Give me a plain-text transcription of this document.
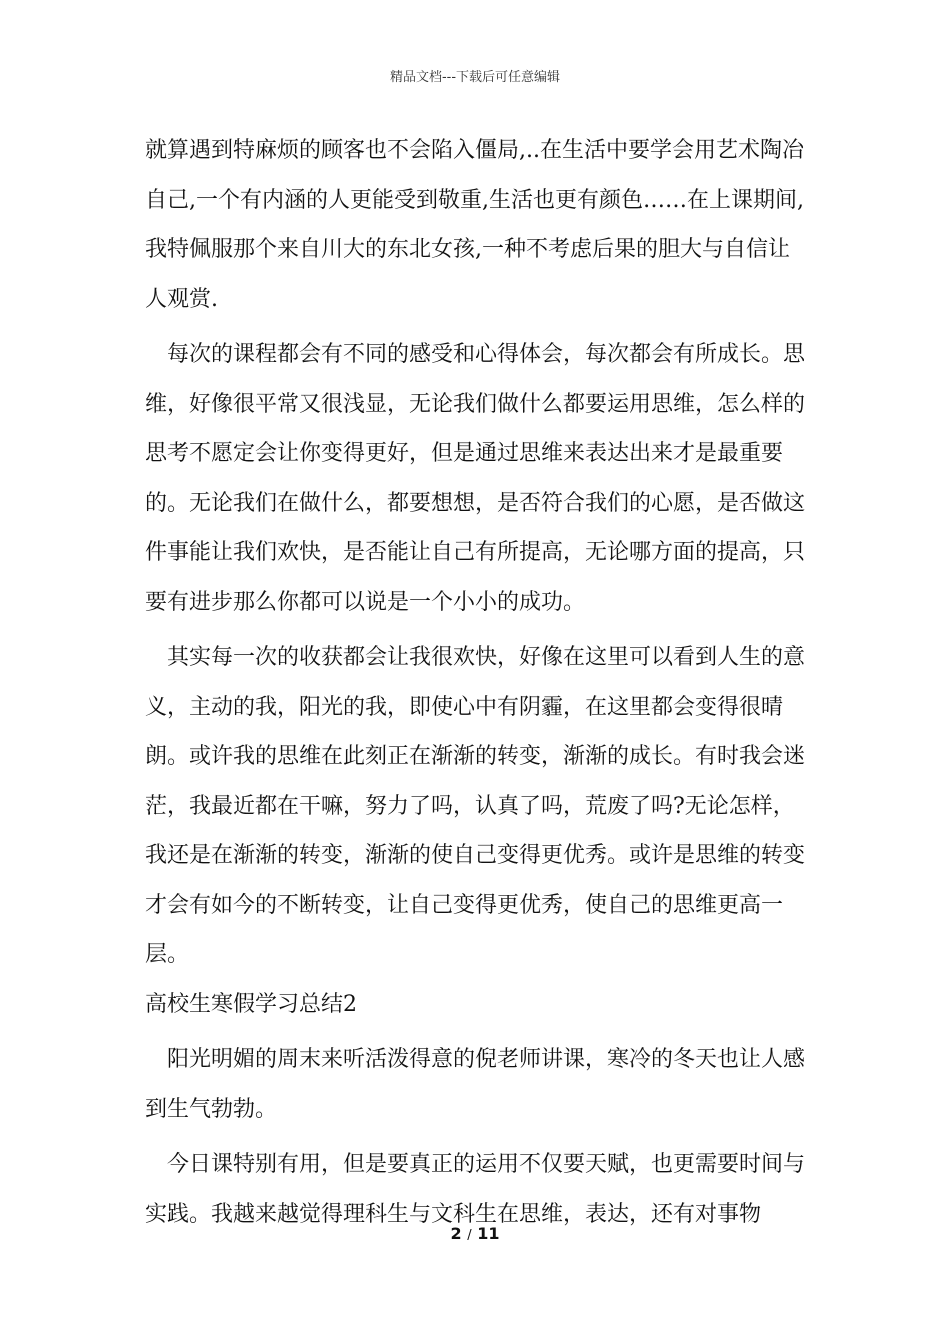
精品文档---下载后可任意编辑

就算遇到特麻烦的顾客也不会陷入僵局,..在生活中要学会用艺术陶冶自己,一个有内涵的人更能受到敬重,生活也更有颜色……在上课期间,我特佩服那个来自川大的东北女孩,一种不考虑后果的胆大与自信让人观赏.

每次的课程都会有不同的感受和心得体会，每次都会有所成长。思维，好像很平常又很浅显，无论我们做什么都要运用思维，怎么样的思考不愿定会让你变得更好，但是通过思维来表达出来才是最重要的。无论我们在做什么，都要想想，是否符合我们的心愿，是否做这件事能让我们欢快，是否能让自己有所提高，无论哪方面的提高，只要有进步那么你都可以说是一个小小的成功。

其实每一次的收获都会让我很欢快，好像在这里可以看到人生的意义，主动的我，阳光的我，即使心中有阴霾，在这里都会变得很晴朗。或许我的思维在此刻正在渐渐的转变，渐渐的成长。有时我会迷茫，我最近都在干嘛，努力了吗，认真了吗，荒废了吗?无论怎样，我还是在渐渐的转变，渐渐的使自己变得更优秀。或许是思维的转变才会有如今的不断转变，让自己变得更优秀，使自己的思维更高一层。

高校生寒假学习总结2

阳光明媚的周末来听活泼得意的倪老师讲课，寒冷的冬天也让人感到生气勃勃。

今日课特别有用，但是要真正的运用不仅要天赋，也更需要时间与实践。我越来越觉得理科生与文科生在思维，表达，还有对事物

2 / 11
